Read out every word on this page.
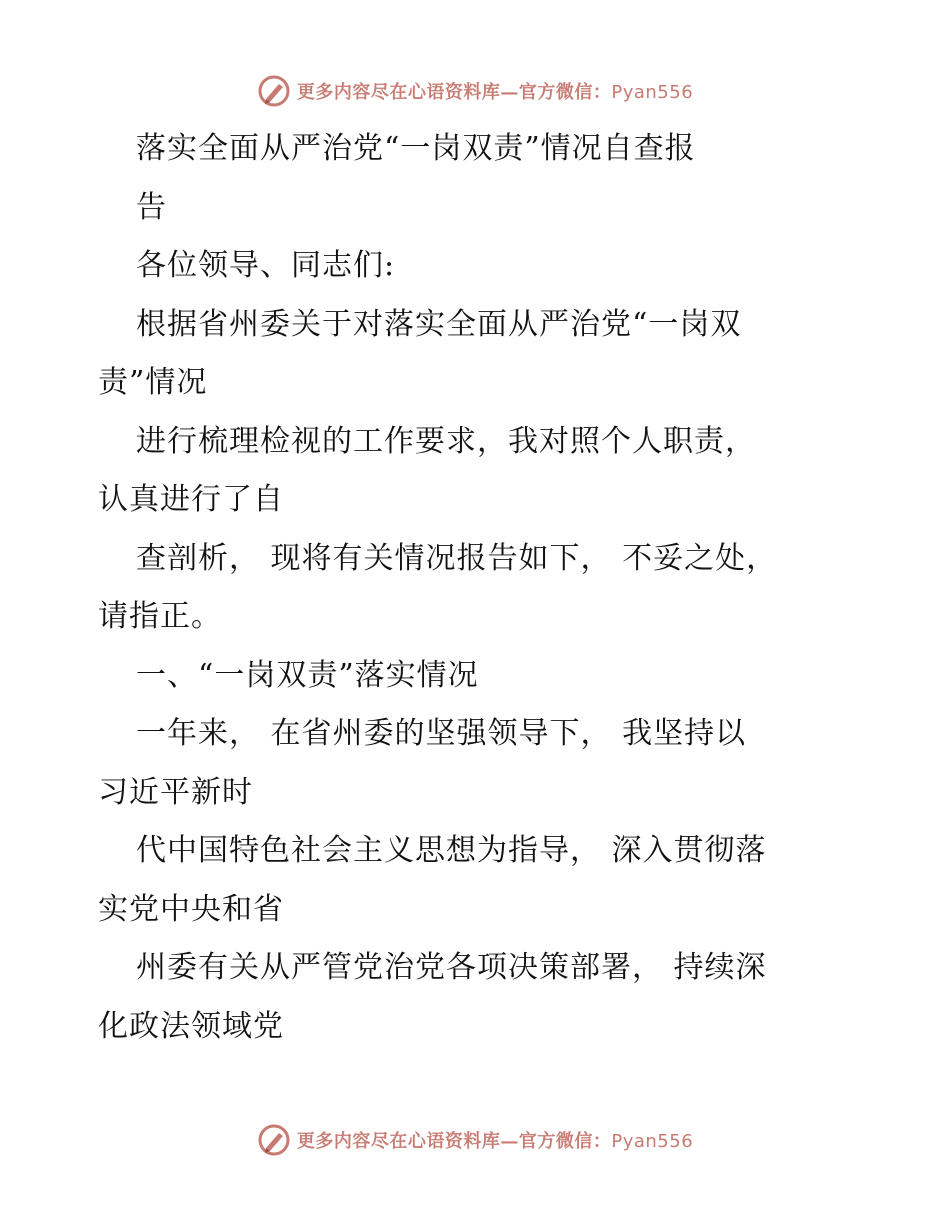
更多内容尽在心语资料库—官方微信：Pyan556
落实全面从严治党“一岗双责”情况自查报
告
各位领导、同志们:
根据省州委关于对落实全面从严治党“一岗双
责”情况
进行梳理检视的工作要求，我对照个人职责，
认真进行了自
查剖析， 现将有关情况报告如下， 不妥之处，
请指正。
一、“一岗双责”落实情况
一年来， 在省州委的坚强领导下， 我坚持以
习近平新时
代中国特色社会主义思想为指导， 深入贯彻落
实党中央和省
州委有关从严管党治党各项决策部署， 持续深
化政法领域党
更多内容尽在心语资料库—官方微信：Pyan556
